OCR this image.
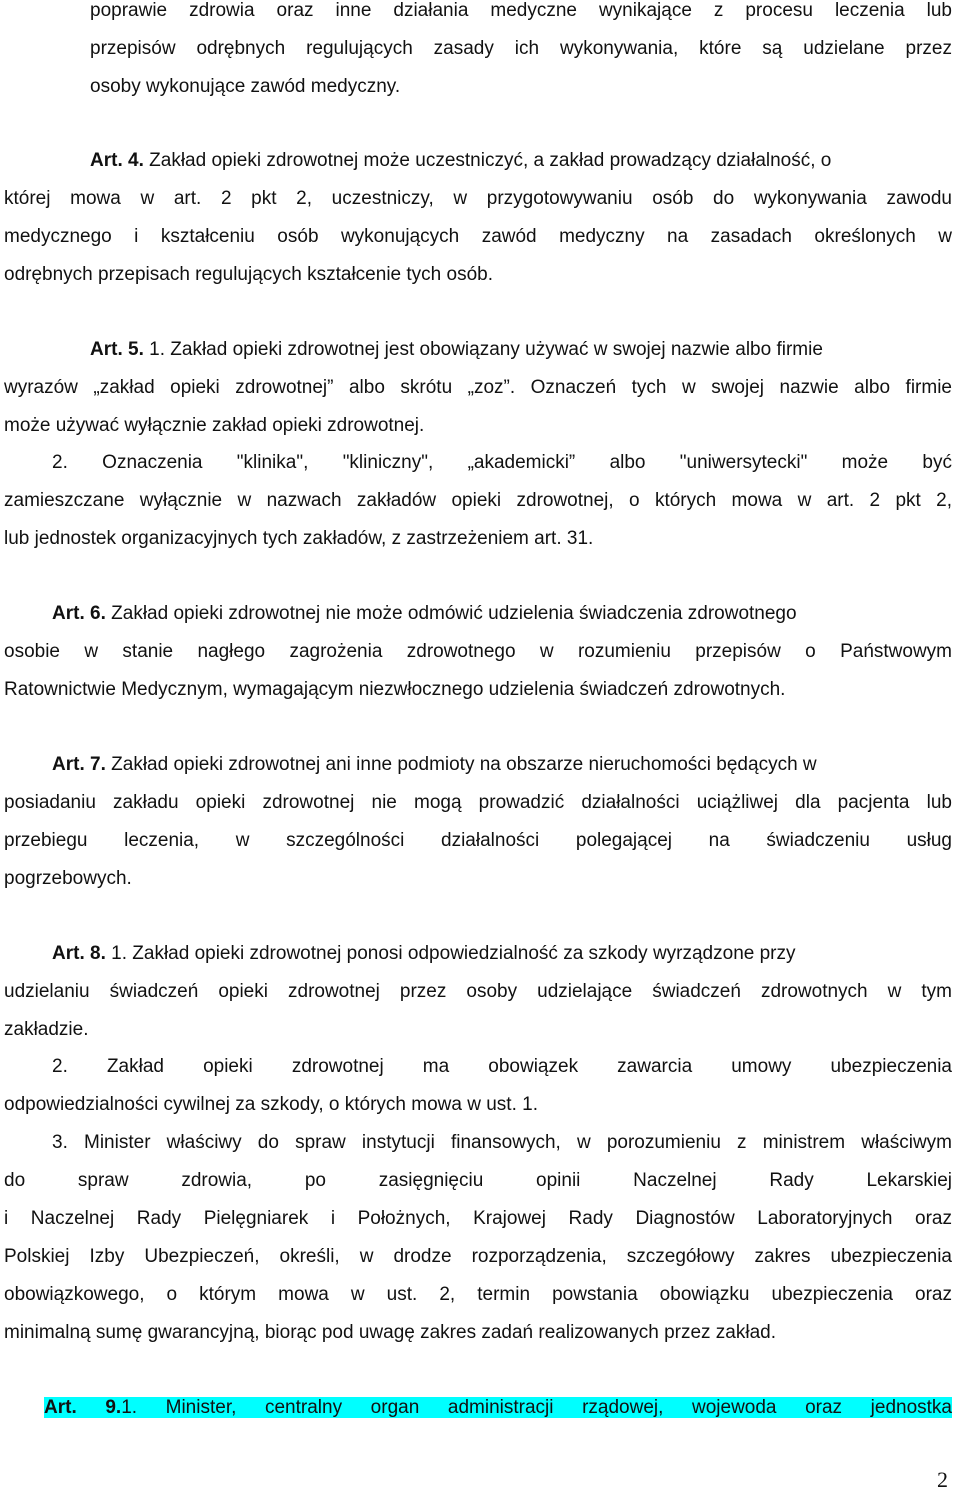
poprawie zdrowia oraz inne działania medyczne wynikające z procesu leczenia lub

przepisów odrębnych regulujących zasady ich wykonywania, które są udzielane przez

osoby wykonujące zawód medyczny.

Art. 4. Zakład opieki zdrowotnej może uczestniczyć, a zakład prowadzący działalność, o

której mowa w art. 2 pkt 2, uczestniczy, w przygotowywaniu osób do wykonywania zawodu

medycznego i kształceniu osób wykonujących zawód medyczny na zasadach określonych w

odrębnych przepisach regulujących kształcenie tych osób.

Art. 5. 1. Zakład opieki zdrowotnej jest obowiązany używać w swojej nazwie albo firmie

wyrazów „zakład opieki zdrowotnej” albo skrótu „zoz”. Oznaczeń tych w swojej nazwie albo firmie

może używać wyłącznie zakład opieki zdrowotnej.

2. Oznaczenia "klinika", "kliniczny", „akademicki” albo "uniwersytecki" może być

zamieszczane wyłącznie w nazwach zakładów opieki zdrowotnej, o których mowa w art. 2 pkt 2,

lub jednostek organizacyjnych tych zakładów, z zastrzeżeniem art. 31.

Art. 6. Zakład opieki zdrowotnej nie może odmówić udzielenia świadczenia zdrowotnego

osobie w stanie nagłego zagrożenia zdrowotnego w rozumieniu przepisów o Państwowym

Ratownictwie Medycznym, wymagającym niezwłocznego udzielenia świadczeń zdrowotnych.

Art. 7. Zakład opieki zdrowotnej ani inne podmioty na obszarze nieruchomości będących w

posiadaniu zakładu opieki zdrowotnej nie mogą prowadzić działalności uciążliwej dla pacjenta lub

przebiegu leczenia, w szczególności działalności polegającej na świadczeniu usług

pogrzebowych.

Art. 8. 1. Zakład opieki zdrowotnej ponosi odpowiedzialność za szkody wyrządzone przy

udzielaniu świadczeń opieki zdrowotnej przez osoby udzielające świadczeń zdrowotnych w tym

zakładzie.

2. Zakład opieki zdrowotnej ma obowiązek zawarcia umowy ubezpieczenia

odpowiedzialności cywilnej za szkody, o których mowa w ust. 1.

3. Minister właściwy do spraw instytucji finansowych, w porozumieniu z ministrem właściwym

do spraw zdrowia, po zasięgnięciu opinii Naczelnej Rady Lekarskiej

i Naczelnej Rady Pielęgniarek i Położnych, Krajowej Rady Diagnostów Laboratoryjnych oraz

Polskiej Izby Ubezpieczeń, określi, w drodze rozporządzenia, szczegółowy zakres ubezpieczenia

obowiązkowego, o którym mowa w ust. 2, termin powstania obowiązku ubezpieczenia oraz

minimalną sumę gwarancyjną, biorąc pod uwagę zakres zadań realizowanych przez zakład.

Art. 9.1. Minister, centralny organ administracji rządowej, wojewoda oraz jednostka

2
